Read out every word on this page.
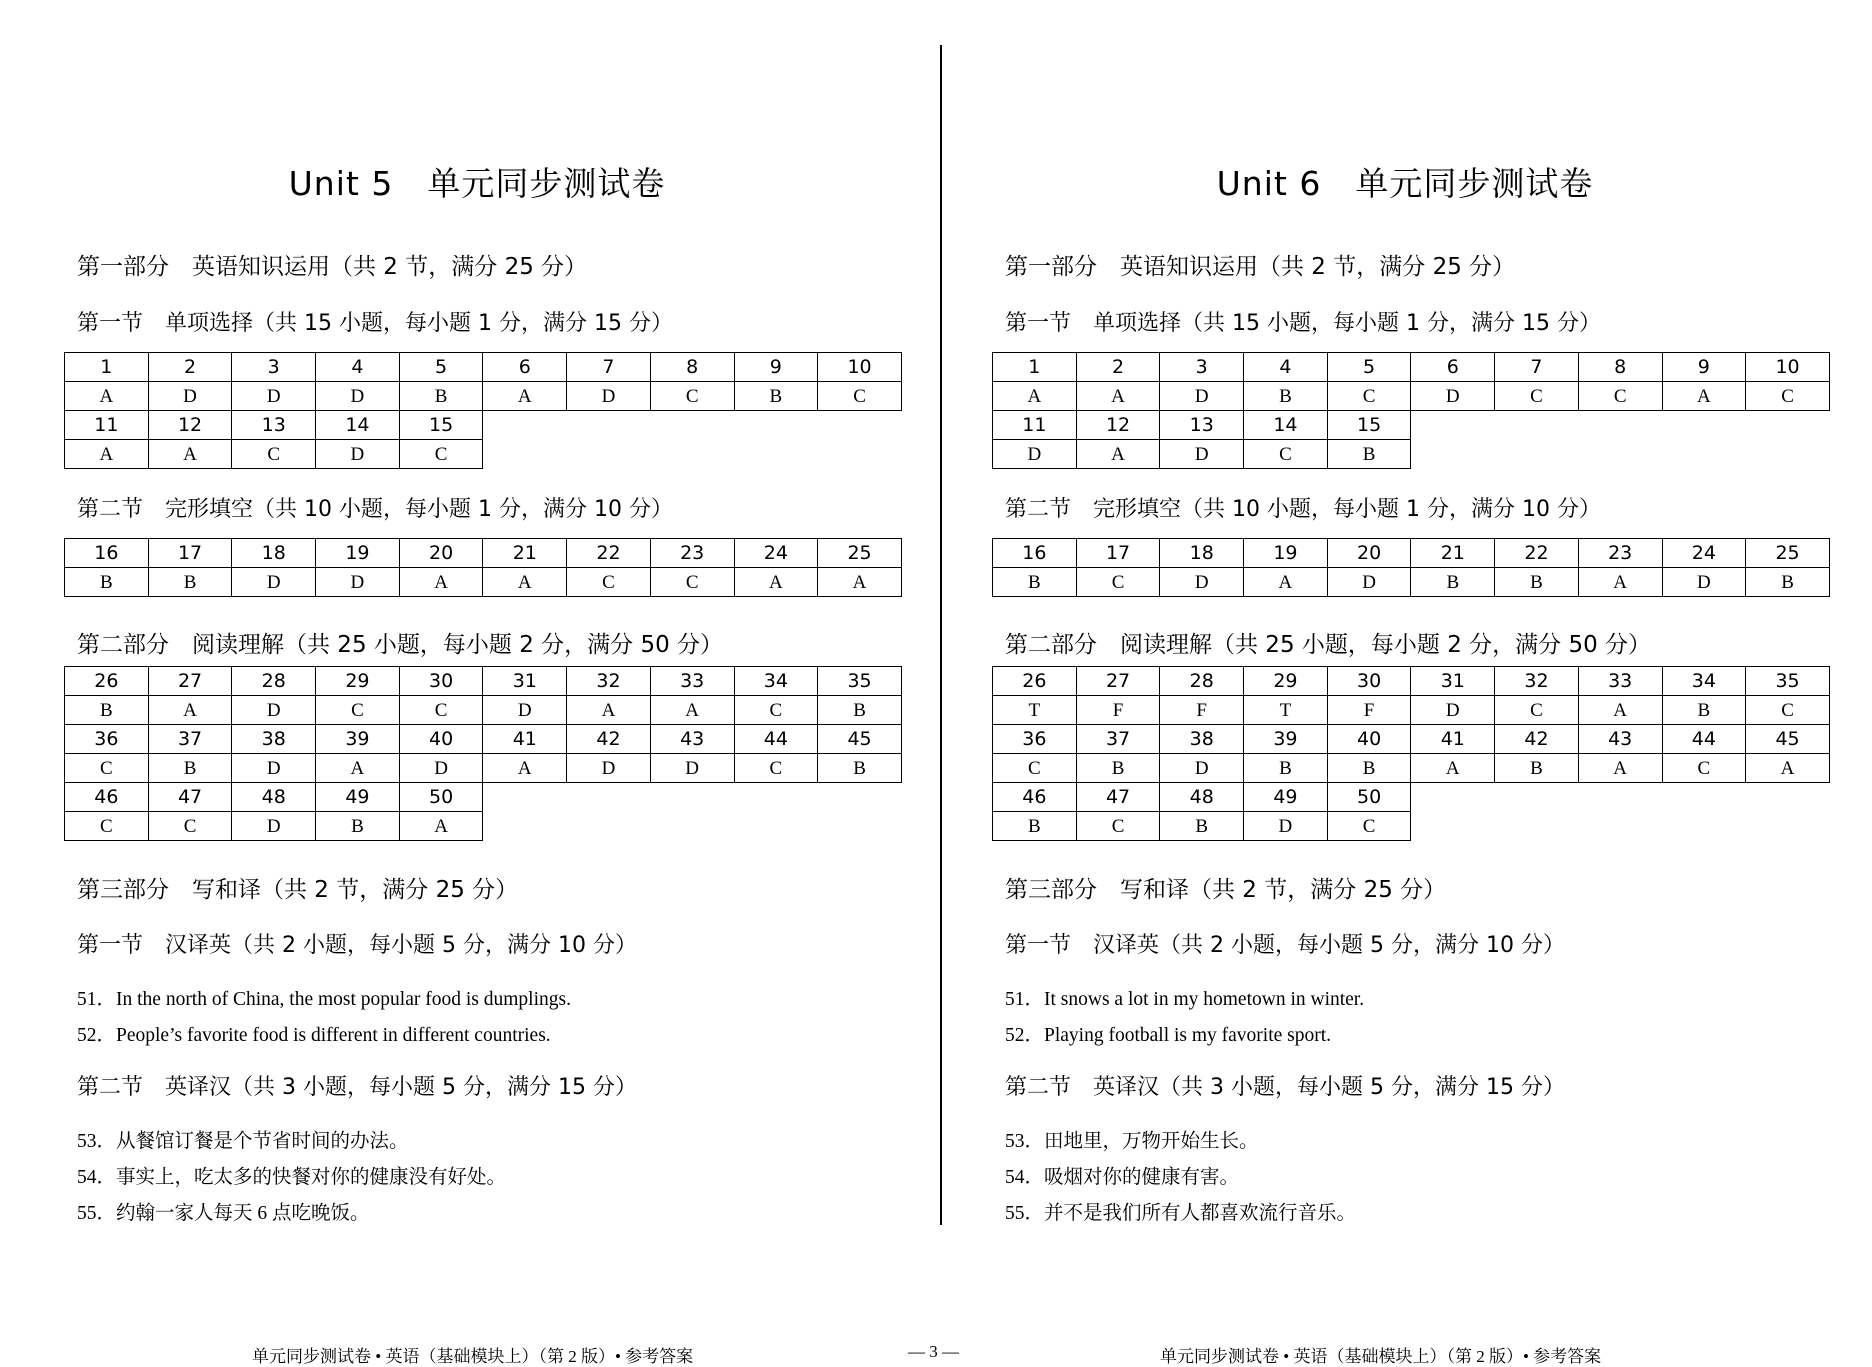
Unit 5　单元同步测试卷
第一部分　英语知识运用（共 2 节，满分 25 分）
第一节　单项选择（共 15 小题，每小题 1 分，满分 15 分）
1	2	3	4	5	6	7	8	9	10
A	D	D	D	B	A	D	C	B	C
11	12	13	14	15					
A	A	C	D	C					
第二节　完形填空（共 10 小题，每小题 1 分，满分 10 分）
16	17	18	19	20	21	22	23	24	25
B	B	D	D	A	A	C	C	A	A
第二部分　阅读理解（共 25 小题，每小题 2 分，满分 50 分）
26	27	28	29	30	31	32	33	34	35
B	A	D	C	C	D	A	A	C	B
36	37	38	39	40	41	42	43	44	45
C	B	D	A	D	A	D	D	C	B
46	47	48	49	50					
C	C	D	B	A					
第三部分　写和译（共 2 节，满分 25 分）
第一节　汉译英（共 2 小题，每小题 5 分，满分 10 分）
51．In the north of China, the most popular food is dumplings.
52．People’s favorite food is different in different countries.
第二节　英译汉（共 3 小题，每小题 5 分，满分 15 分）
53．从餐馆订餐是个节省时间的办法。
54．事实上，吃太多的快餐对你的健康没有好处。
55．约翰一家人每天 6 点吃晚饭。
Unit 6　单元同步测试卷
第一部分　英语知识运用（共 2 节，满分 25 分）
第一节　单项选择（共 15 小题，每小题 1 分，满分 15 分）
1	2	3	4	5	6	7	8	9	10
A	A	D	B	C	D	C	C	A	C
11	12	13	14	15					
D	A	D	C	B					
第二节　完形填空（共 10 小题，每小题 1 分，满分 10 分）
16	17	18	19	20	21	22	23	24	25
B	C	D	A	D	B	B	A	D	B
第二部分　阅读理解（共 25 小题，每小题 2 分，满分 50 分）
26	27	28	29	30	31	32	33	34	35
T	F	F	T	F	D	C	A	B	C
36	37	38	39	40	41	42	43	44	45
C	B	D	B	B	A	B	A	C	A
46	47	48	49	50					
B	C	B	D	C					
第三部分　写和译（共 2 节，满分 25 分）
第一节　汉译英（共 2 小题，每小题 5 分，满分 10 分）
51．It snows a lot in my hometown in winter.
52．Playing football is my favorite sport.
第二节　英译汉（共 3 小题，每小题 5 分，满分 15 分）
53．田地里，万物开始生长。
54．吸烟对你的健康有害。
55．并不是我们所有人都喜欢流行音乐。
单元同步测试卷 • 英语（基础模块上）（第 2 版）• 参考答案	— 3 —	单元同步测试卷 • 英语（基础模块上）（第 2 版）• 参考答案
